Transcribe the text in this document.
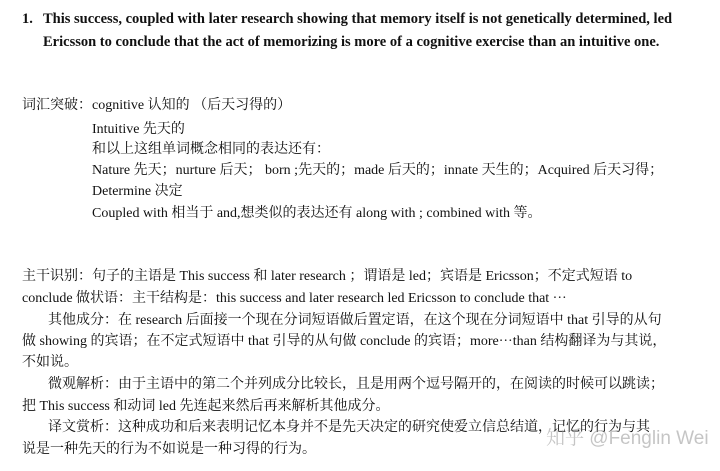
1. This success, coupled with later research showing that memory itself is not genetically determined, led
Ericsson to conclude that the act of memorizing is more of a cognitive exercise than an intuitive one.
词汇突破： cognitive 认知的 （后天习得的）
Intuitive 先天的
和以上这组单词概念相同的表达还有：
Nature 先天；nurture 后天； born ;先天的；made 后天的；innate 天生的；Acquired 后天习得；
Determine 决定
Coupled with 相当于 and,想类似的表达还有 along with ; combined with 等。
主干识别：句子的主语是 This success 和 later research ；谓语是 led；宾语是 Ericsson；不定式短语 to
conclude 做状语：主干结构是：this success and later research led Ericsson to conclude that ···
其他成分：在 research 后面接一个现在分词短语做后置定语，在这个现在分词短语中 that 引导的从句
做 showing 的宾语；在不定式短语中 that 引导的从句做 conclude 的宾语；more···than 结构翻译为与其说，
不如说。
微观解析：由于主语中的第二个并列成分比较长，且是用两个逗号隔开的，在阅读的时候可以跳读；
把 This success 和动词 led 先连起来然后再来解析其他成分。
译文赏析：这种成功和后来表明记忆本身并不是先天决定的研究使爱立信总结道，记忆的行为与其
说是一种先天的行为不如说是一种习得的行为。
知乎 @Fenglin Wei
